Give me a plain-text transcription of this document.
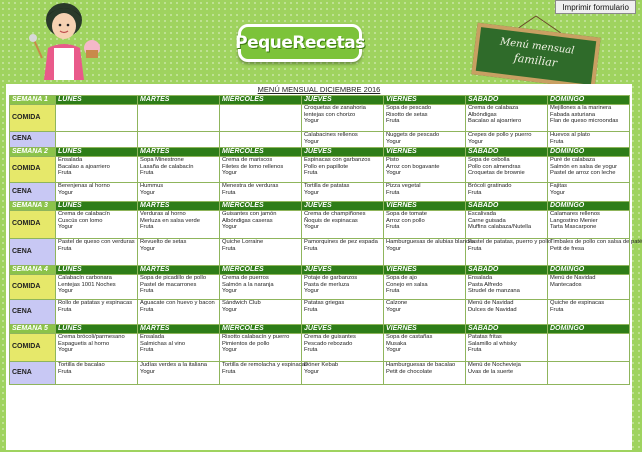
Imprimir formulario
PequeRecetas	Menú mensual
familiar
MENÚ MENSUAL DICIEMBRE 2016
SEMANA 1	LUNES	MARTES	MIÉRCOLES	JUEVES	VIERNES	SÁBADO	DOMINGO
COMIDA				Croquetas de zanahoria
lentejas con chorizo
Yogur	Sopa de pescado
Risotto de setas
Fruta	Crema de calabaza
Albóndigas
Bacalao al ajoarriero	Mejillones a la marinera
Fabada asturiana
Flan de queso microondas

CENA				Calabacines rellenos
Yogur	Nuggets de pescado
Yogur	Crepes de pollo y puerro
Yogur	Huevos al plato
Fruta

SEMANA 2	LUNES	MARTES	MIÉRCOLES	JUEVES	VIERNES	SÁBADO	DOMINGO
COMIDA	Ensalada
Bacalao a ajoarriero
Fruta	Sopa Minestrone
Lasaña de calabacín
Fruta	Crema de mariscos
Filetes de lomo rellenos
Yogur	Espinacas con garbanzos
Pollo en papillote
Fruta	Pisto
Arroz con bogavante
Yogur	Sopa de cebolla
Pollo con almendras
Croquetas de brownie	Puré de calabaza
Salmón en salsa de yogur
Pastel de arroz con leche

CENA	Berenjenas al horno
Yogur	Hummus
Yogur	Menestra de verduras
Fruta	Tortilla de patatas
Yogur	Pizza vegetal
Fruta	Brócoli gratinado
Fruta	Fajitas
Yogur

SEMANA 3	LUNES	MARTES	MIÉRCOLES	JUEVES	VIERNES	SÁBADO	DOMINGO
COMIDA	Crema de calabacín
Cuscús con lomo
Yogur	Verduras al horno
Merluza en salsa verde
Fruta	Guisantes con jamón
Albóndigas caseras
Yogur	Crema de champiñones
Ñoquis de espinacas
Yogur	Sopa de tomate
Arroz con pollo
Fruta	Escalivada
Carne guisada
Muffins calabaza/Nutella	Calamares rellenos
Langostino Menier
Tarta Mascarpone

CENA	Pastel de queso con verduras
Fruta	Revuelto de setas
Yogur	Quiche Lorraine
Fruta	Pamorquines de pez espada
Fruta	Hamburguesas de alubias blancas
Yogur	Pastel de patatas, puerro y pollo
Fruta	Timbales de pollo con salsa de paté
Petit de fresa

SEMANA 4	LUNES	MARTES	MIÉRCOLES	JUEVES	VIERNES	SÁBADO	DOMINGO
COMIDA	Calabacín carbonara
Lentejas 1001 Noches
Yogur	Sopa de picadillo de pollo
Pastel de macarrones
Fruta	Crema de puerros
Salmón a la naranja
Yogur	Potaje de garbanzos
Pasta de merluza
Yogur	Sopa de ajo
Conejo en salsa
Fruta	Ensalada
Pasta Alfredo
Strudel de manzana	Menú de Navidad
Mantecados

CENA	Rollo de patatas y espinacas
Fruta	Aguacate con huevo y bacon
Fruta	Sándwich Club
Yogur	Patatas griegas
Fruta	Calzone
Yogur	Menú de Navidad
Dulces de Navidad	Quiche de espinacas
Fruta

SEMANA 5	LUNES	MARTES	MIÉRCOLES	JUEVES	VIERNES	SÁBADO	DOMINGO
COMIDA	Crema brócoli/parmesano
Espaguetis al horno
Yogur	Ensalada
Salmichas al vino
Fruta	Risotto calabacín y puerro
Pimientos de pollo
Yogur	Crema de guisantes
Pescado rebozado
Fruta	Sopa de castañas
Musaka
Yogur	Patatas fritas
Salamillo al whisky
Fruta	

CENA	Tortilla de bacalao
Fruta	Judías verdes a la italiana
Yogur	Tortilla de remolacha y espinacas
Fruta	Döner Kebab
Yogur	Hamburguesas de bacalao
Petit de chocolate	Menú de Nochevieja
Uvas de la suerte	
